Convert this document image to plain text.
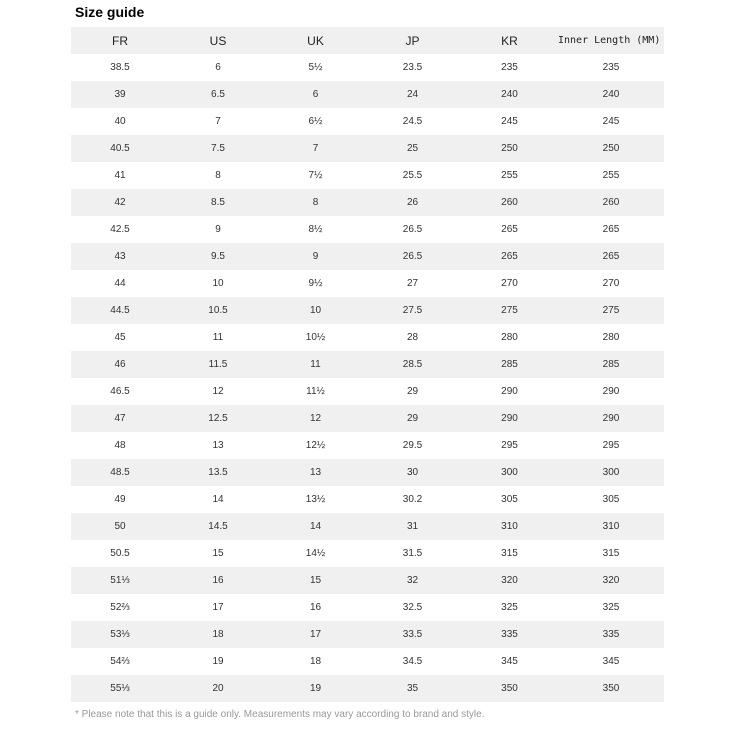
Size guide
FR	US	UK	JP	KR	Inner Length (MM)
38.5	6	5½	23.5	235	235
39	6.5	6	24	240	240
40	7	6½	24.5	245	245
40.5	7.5	7	25	250	250
41	8	7½	25.5	255	255
42	8.5	8	26	260	260
42.5	9	8½	26.5	265	265
43	9.5	9	26.5	265	265
44	10	9½	27	270	270
44.5	10.5	10	27.5	275	275
45	11	10½	28	280	280
46	11.5	11	28.5	285	285
46.5	12	11½	29	290	290
47	12.5	12	29	290	290
48	13	12½	29.5	295	295
48.5	13.5	13	30	300	300
49	14	13½	30.2	305	305
50	14.5	14	31	310	310
50.5	15	14½	31.5	315	315
51⅓	16	15	32	320	320
52⅔	17	16	32.5	325	325
53⅓	18	17	33.5	335	335
54⅔	19	18	34.5	345	345
55⅓	20	19	35	350	350
* Please note that this is a guide only. Measurements may vary according to brand and style.
